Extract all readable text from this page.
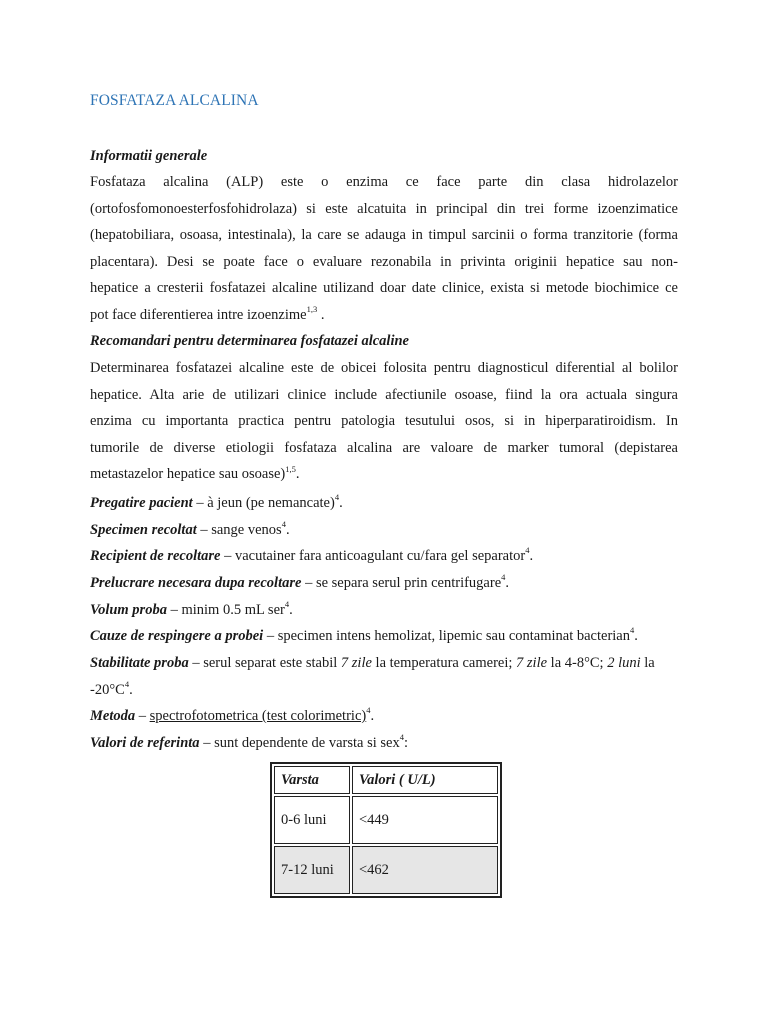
FOSFATAZA ALCALINA
Informatii generale
Fosfataza alcalina (ALP) este o enzima ce face parte din clasa hidrolazelor
(ortofosfomonoesterfosfohidrolaza) si este alcatuita in principal din trei forme izoenzimatice
(hepatobiliara, osoasa, intestinala), la care se adauga in timpul sarcinii o forma tranzitorie (forma
placentara). Desi se poate face o evaluare rezonabila in privinta originii hepatice sau non-
hepatice a cresterii fosfatazei alcaline utilizand doar date clinice, exista si metode biochimice ce
pot face diferentierea intre izoenzime$^{1,3}$ .
Recomandari pentru determinarea fosfatazei alcaline
Determinarea fosfatazei alcaline este de obicei folosita pentru diagnosticul diferential al bolilor
hepatice. Alta arie de utilizari clinice include afectiunile osoase, fiind la ora actuala singura
enzima cu importanta practica pentru patologia tesutului osos, si in hiperparatiroidism. In
tumorile de diverse etiologii fosfataza alcalina are valoare de marker tumoral (depistarea
metastazelor hepatice sau osoase)$^{1,5}$.
Pregatire pacient – à jeun (pe nemancate)$^4$.
Specimen recoltat – sange venos$^4$.
Recipient de recoltare – vacutainer fara anticoagulant cu/fara gel separator$^4$.
Prelucrare necesara dupa recoltare – se separa serul prin centrifugare$^4$.
Volum proba – minim 0.5 mL ser$^4$.
Cauze de respingere a probei – specimen intens hemolizat, lipemic sau contaminat bacterian$^4$.
Stabilitate proba – serul separat este stabil 7 zile la temperatura camerei; 7 zile la 4-8°C; 2 luni la
$-20^\circ C^4$.
Metoda – spectrofotometrica (test colorimetric)$^4$.
Valori de referinta – sunt dependente de varsta si sex$^4$:
Varsta	Valori ( U/L)
0-6 luni	<449
7-12 luni	<462
